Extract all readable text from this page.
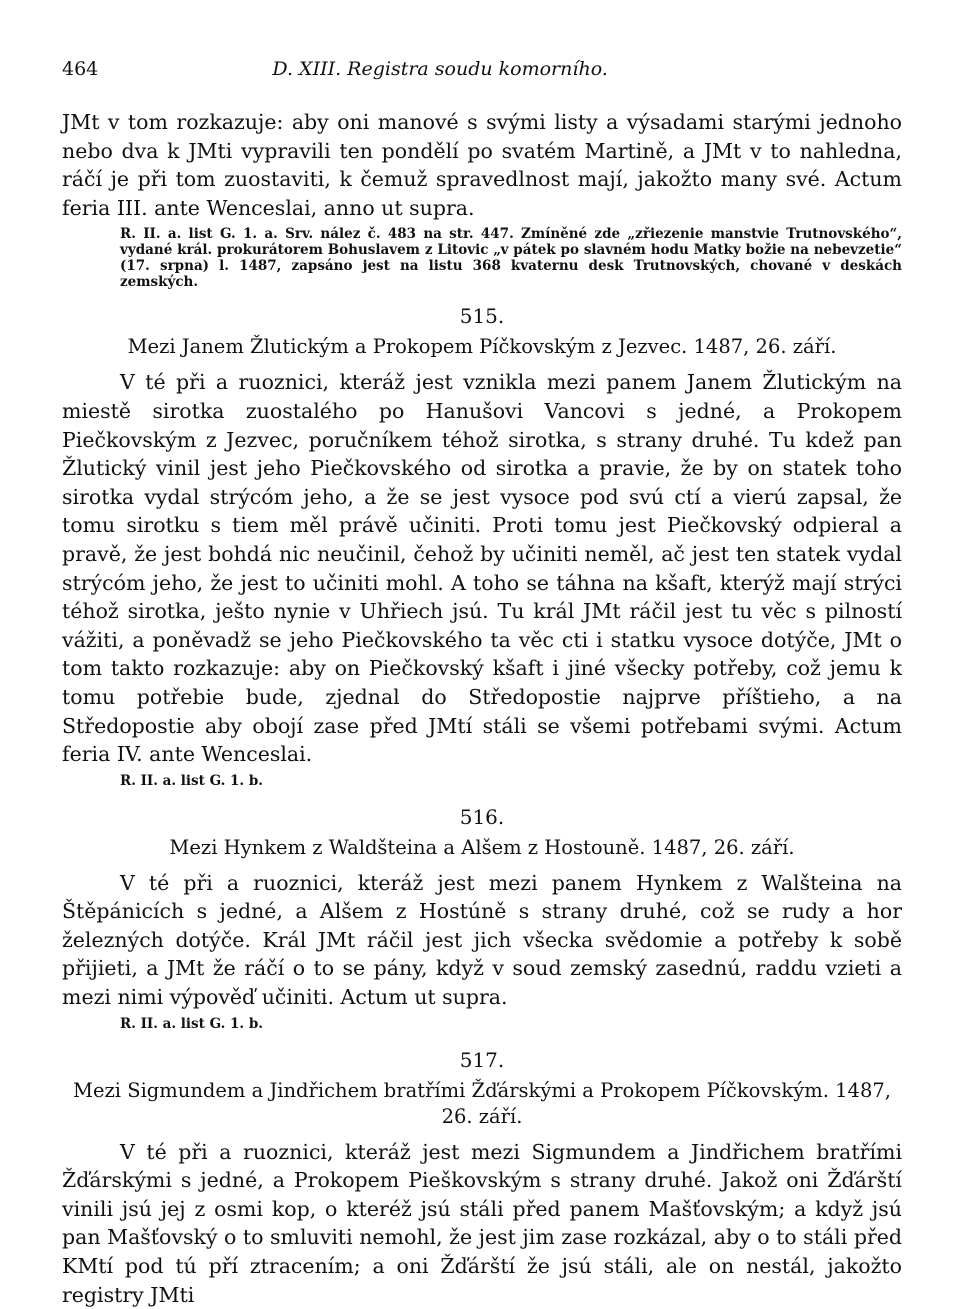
464	D. XIII. Registra soudu komorního.

JMt v tom rozkazuje: aby oni manové s svými listy a výsadami starými jednoho nebo dva k JMti vypravili ten pondělí po svatém Martině, a JMt v to nahledna, ráčí je při tom zuostaviti, k čemuž spravedlnost mají, jakožto many své. Actum feria III. ante Wenceslai, anno ut supra.

R. II. a. list G. 1. a. Srv. nález č. 483 na str. 447. Zmíněné zde „zřiezenie manstvie Trutnovského“, vydané král. prokurátorem Bohuslavem z Litovic „v pátek po slavném hodu Matky božie na nebevzetie“ (17. srpna) l. 1487, zapsáno jest na listu 368 kvaternu desk Trutnovských, chované v deskách zemských.

515.
Mezi Janem Žlutickým a Prokopem Píčkovským z Jezvec. 1487, 26. září.

V té při a ruoznici, kteráž jest vznikla mezi panem Janem Žlutickým na miestě sirotka zuostalého po Hanušovi Vancovi s jedné, a Prokopem Piečkovským z Jezvec, poručníkem téhož sirotka, s strany druhé. Tu kdež pan Žlutický vinil jest jeho Piečkovského od sirotka a pravie, že by on statek toho sirotka vydal strýcóm jeho, a že se jest vysoce pod svú ctí a vierú zapsal, že tomu sirotku s tiem měl právě učiniti. Proti tomu jest Piečkovský odpieral a pravě, že jest bohdá nic neučinil, čehož by učiniti neměl, ač jest ten statek vydal strýcóm jeho, že jest to učiniti mohl. A toho se táhna na kšaft, kterýž mají strýci téhož sirotka, ješto nynie v Uhřiech jsú. Tu král JMt ráčil jest tu věc s pilností vážiti, a poněvadž se jeho Piečkovského ta věc cti i statku vysoce dotýče, JMt o tom takto rozkazuje: aby on Piečkovský kšaft i jiné všecky potřeby, což jemu k tomu potřebie bude, zjednal do Středopostie najprve příštieho, a na Středopostie aby obojí zase před JMtí stáli se všemi potřebami svými. Actum feria IV. ante Wenceslai.

R. II. a. list G. 1. b.
516.
Mezi Hynkem z Waldšteina a Alšem z Hostouně. 1487, 26. září.

V té při a ruoznici, kteráž jest mezi panem Hynkem z Walšteina na Štěpánicích s jedné, a Alšem z Hostúně s strany druhé, což se rudy a hor železných dotýče. Král JMt ráčil jest jich všecka svědomie a potřeby k sobě přijieti, a JMt že ráčí o to se pány, když v soud zemský zasednú, raddu vzieti a mezi nimi výpověď učiniti. Actum ut supra.

R. II. a. list G. 1. b.
517.
Mezi Sigmundem a Jindřichem bratřími Žďárskými a Prokopem Píčkovským. 1487, 26. září.

V té při a ruoznici, kteráž jest mezi Sigmundem a Jindřichem bratřími Žďárskými s jedné, a Prokopem Pieškovským s strany druhé. Jakož oni Žďárští vinili jsú jej z osmi kop, o kteréž jsú stáli před panem Mašťovským; a když jsú pan Mašťovský o to smluviti nemohl, že jest jim zase rozkázal, aby o to stáli před KMtí pod tú pří ztracením; a oni Žďárští že jsú stáli, ale on nestál, jakožto registry JMti
